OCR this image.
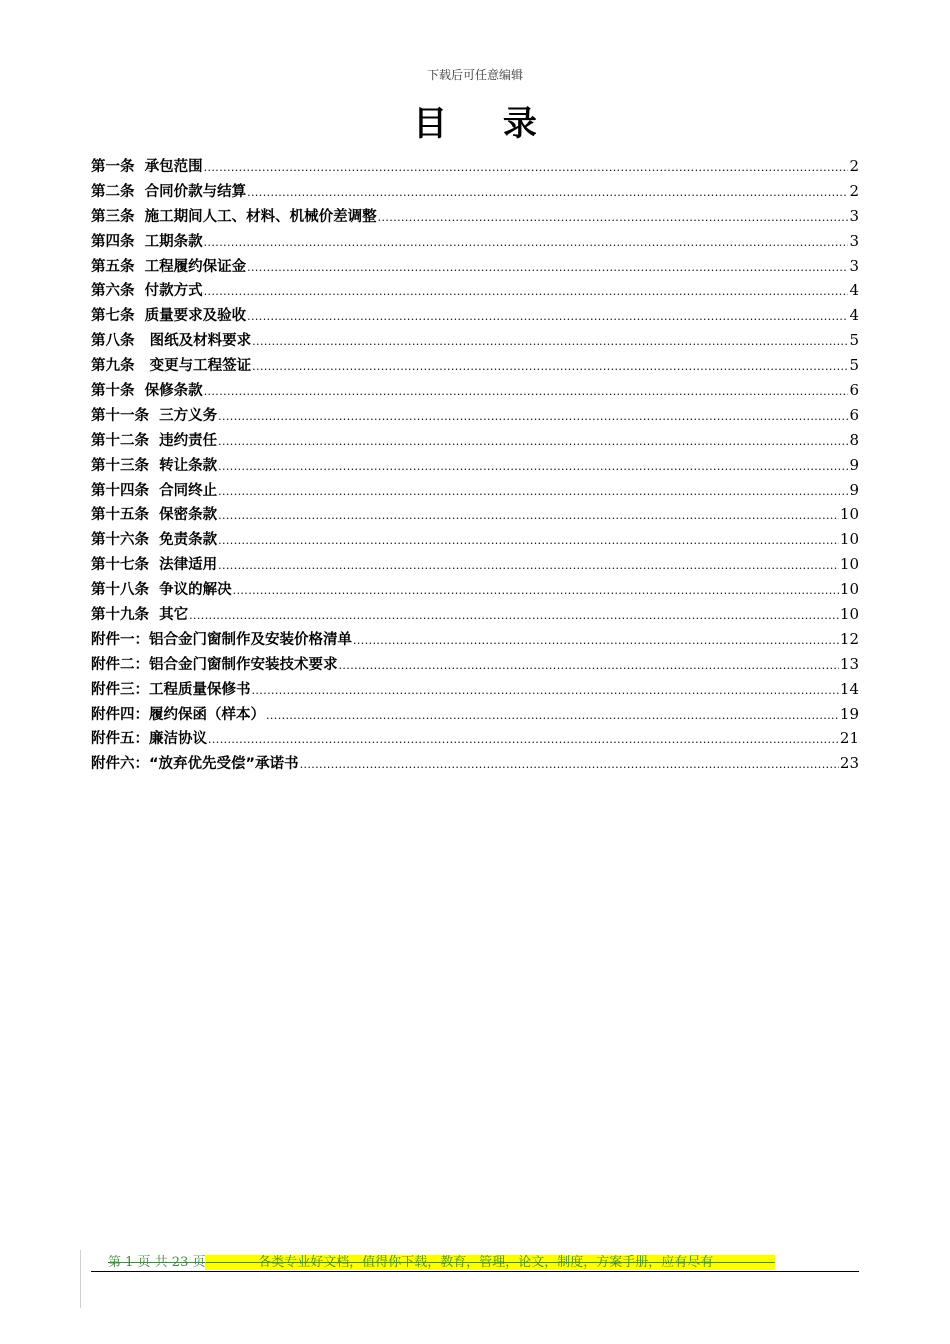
下载后可任意编辑
目 录
第一条  承包范围 .....	2
第二条  合同价款与结算 .....	2
第三条  施工期间人工、材料、机械价差调整 .....	3
第四条  工期条款 .....	3
第五条  工程履约保证金 .....	3
第六条  付款方式 .....	4
第七条  质量要求及验收 .....	4
第八条   图纸及材料要求 .....	5
第九条   变更与工程签证 .....	5
第十条  保修条款 .....	6
第十一条  三方义务 .....	6
第十二条  违约责任 .....	8
第十三条  转让条款 .....	9
第十四条  合同终止 .....	9
第十五条  保密条款 .....	10
第十六条  免责条款 .....	10
第十七条  法律适用 .....	10
第十八条  争议的解决 .....	10
第十九条  其它 .....	10
附件一：铝合金门窗制作及安装价格清单 .....	12
附件二：铝合金门窗制作安装技术要求 .....	13
附件三：工程质量保修书 .....	14
附件四：履约保函（样本） .....	19
附件五：廉洁协议 .....	21
附件六：“放弃优先受偿”承诺书 .....	23
第 1 页 共 23 页------------各类专业好文档，值得你下载，教育，管理，论文，制度，方案手册，应有尽有--------------
